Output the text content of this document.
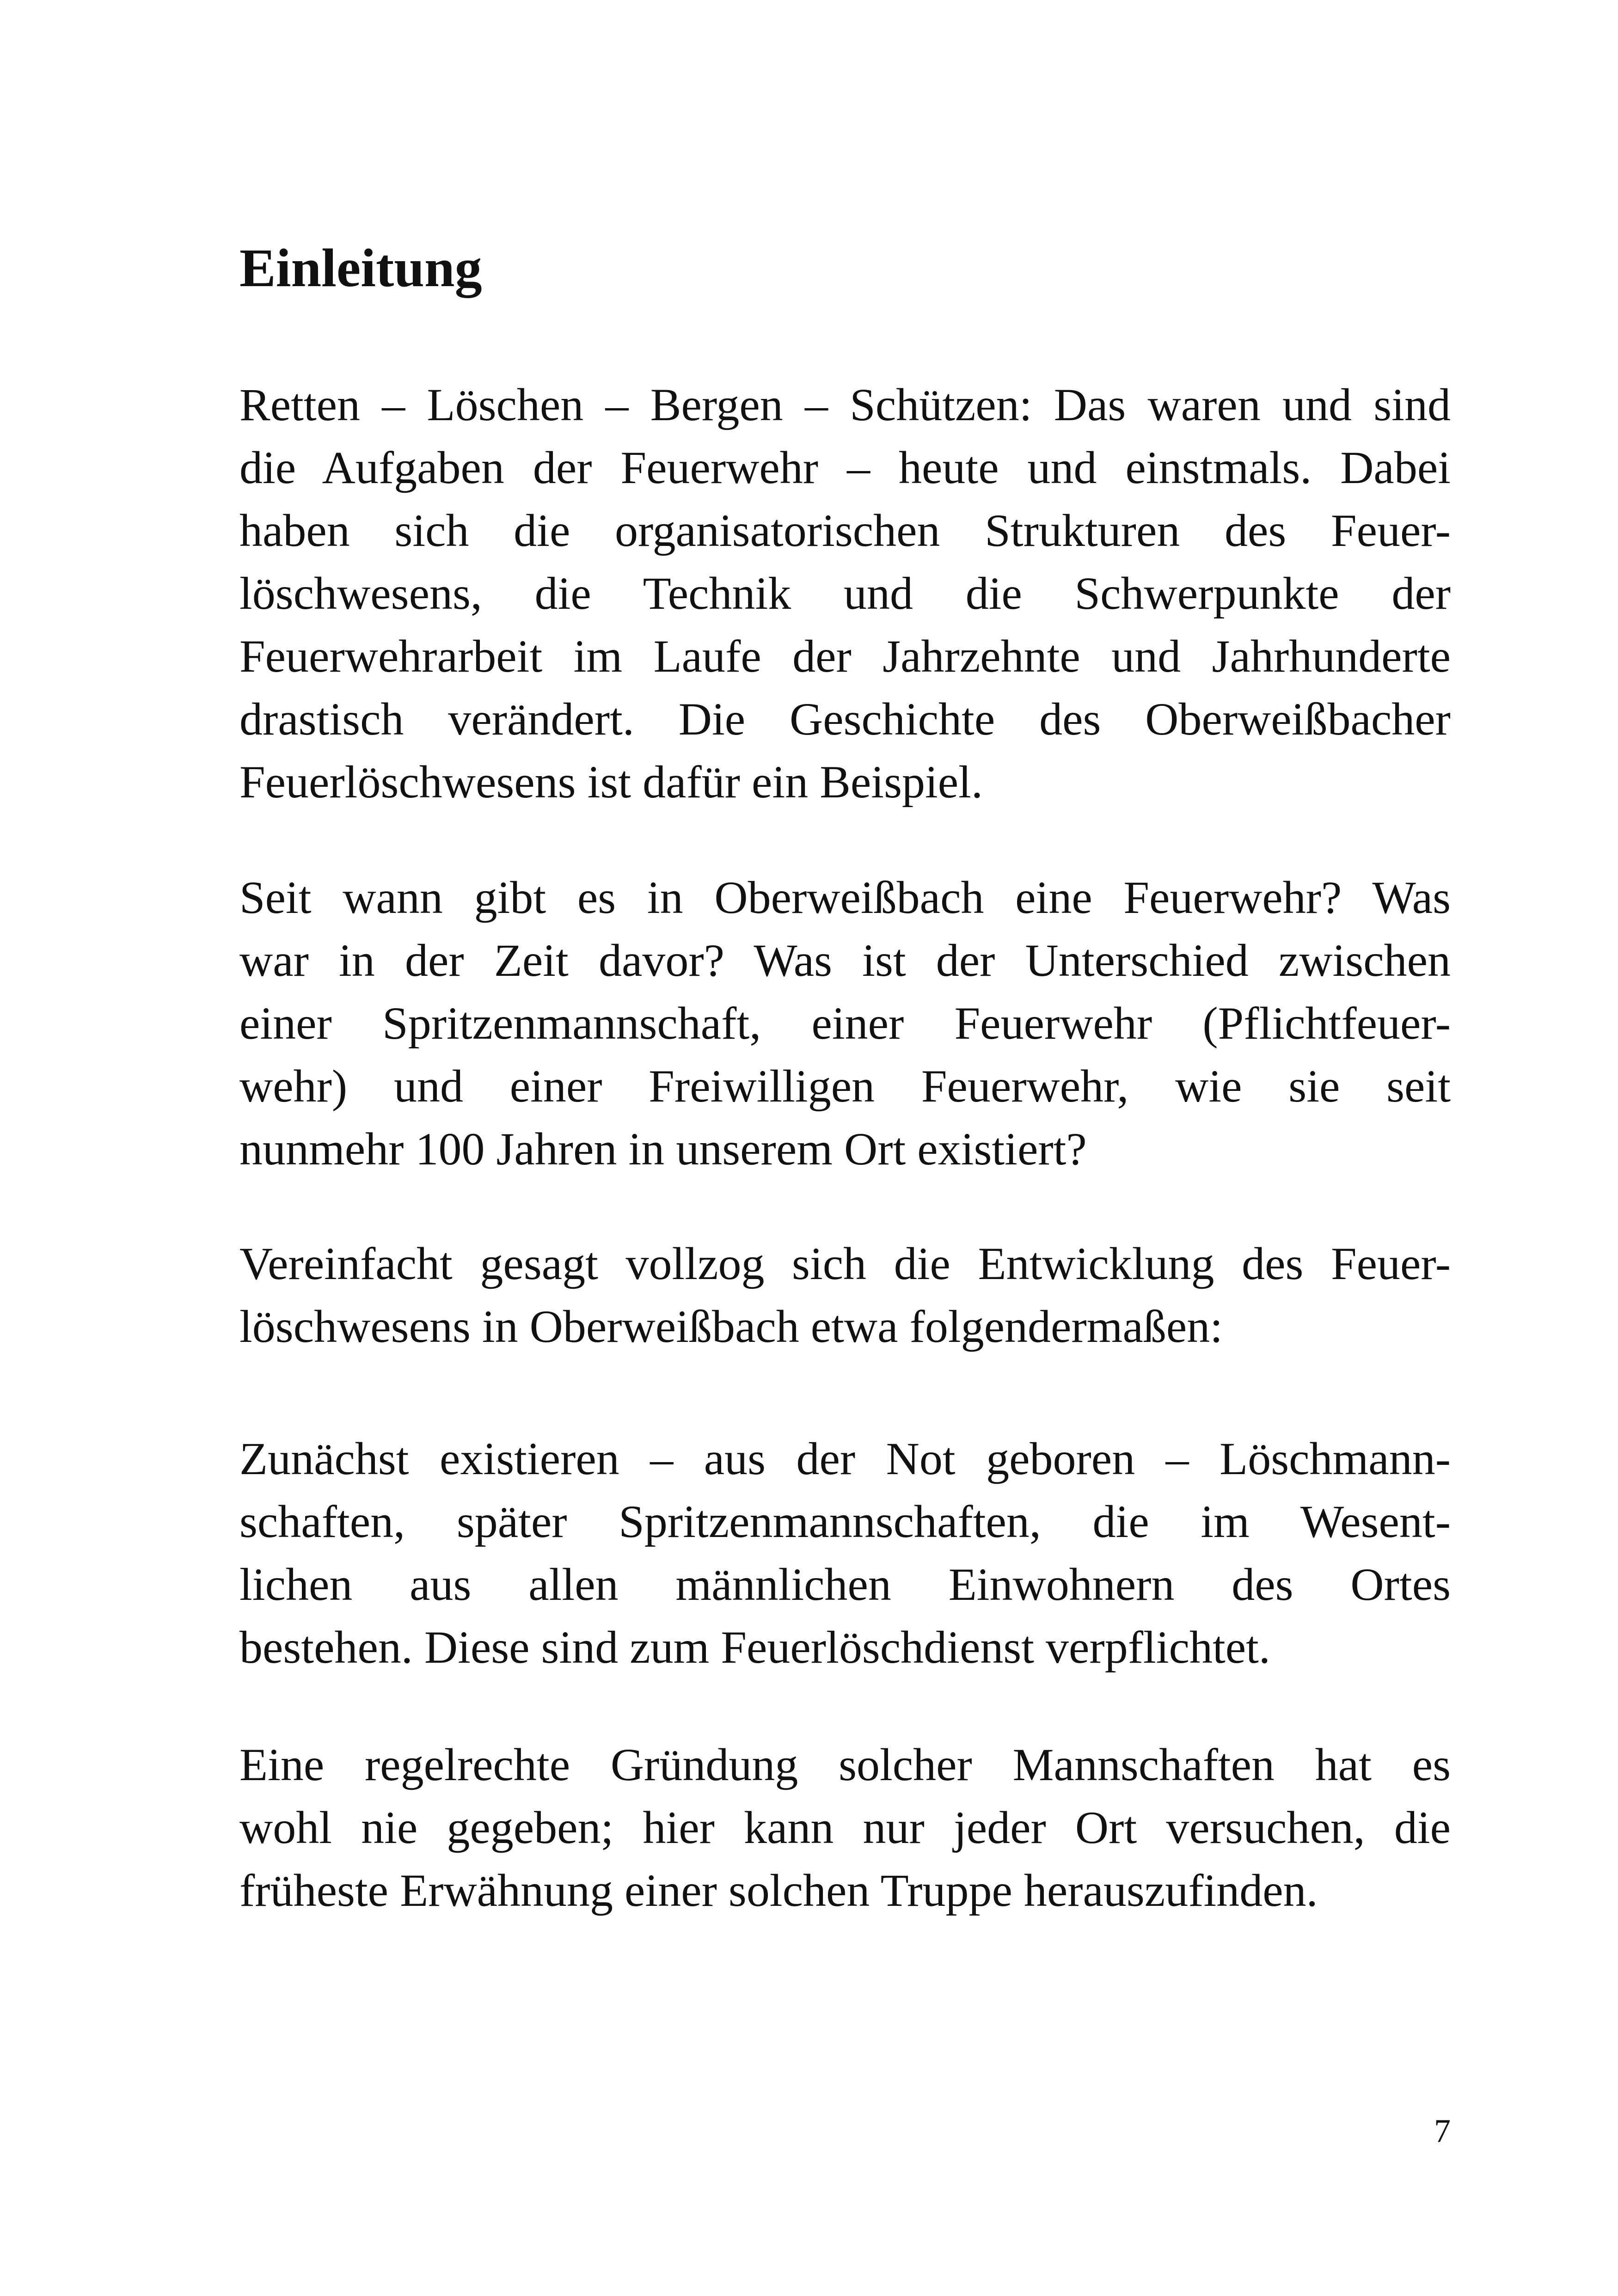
Einleitung
Retten – Löschen – Bergen – Schützen: Das waren und sind
die Aufgaben der Feuerwehr – heute und einstmals. Dabei
haben sich die organisatorischen Strukturen des Feuer-
löschwesens, die Technik und die Schwerpunkte der
Feuerwehrarbeit im Laufe der Jahrzehnte und Jahrhunderte
drastisch verändert. Die Geschichte des Oberweißbacher
Feuerlöschwesens ist dafür ein Beispiel.
Seit wann gibt es in Oberweißbach eine Feuerwehr? Was
war in der Zeit davor? Was ist der Unterschied zwischen
einer Spritzenmannschaft, einer Feuerwehr (Pflichtfeuer-
wehr) und einer Freiwilligen Feuerwehr, wie sie seit
nunmehr 100 Jahren in unserem Ort existiert?
Vereinfacht gesagt vollzog sich die Entwicklung des Feuer-
löschwesens in Oberweißbach etwa folgendermaßen:
Zunächst existieren – aus der Not geboren – Löschmann-
schaften, später Spritzenmannschaften, die im Wesent-
lichen aus allen männlichen Einwohnern des Ortes
bestehen. Diese sind zum Feuerlöschdienst verpflichtet.
Eine regelrechte Gründung solcher Mannschaften hat es
wohl nie gegeben; hier kann nur jeder Ort versuchen, die
früheste Erwähnung einer solchen Truppe herauszufinden.
7
